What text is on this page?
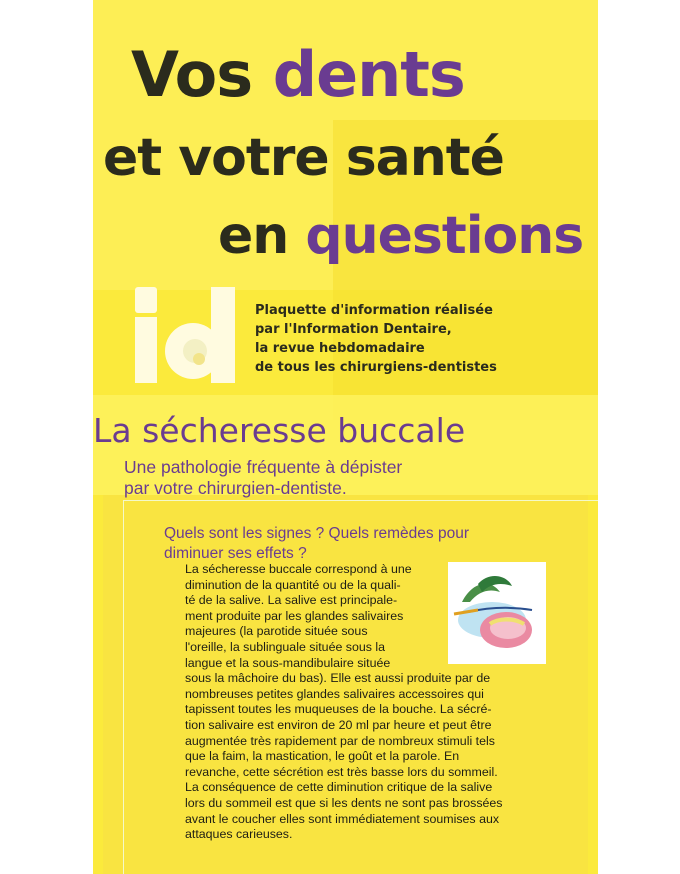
Vos dents
et votre santé
en questions
Plaquette d'information réalisée
par l'Information Dentaire,
la revue hebdomadaire
de tous les chirurgiens-dentistes
La sécheresse buccale
Une pathologie fréquente à dépister
par votre chirurgien-dentiste.
Quels sont les signes ? Quels remèdes pour
diminuer ses effets ?
La sécheresse buccale correspond à une
diminution de la quantité ou de la quali-
té de la salive. La salive est principale-
ment produite par les glandes salivaires
majeures (la parotide située sous
l'oreille, la sublinguale située sous la
langue et la sous-mandibulaire située
sous la mâchoire du bas). Elle est aussi produite par de
nombreuses petites glandes salivaires accessoires qui
tapissent toutes les muqueuses de la bouche. La sécré-
tion salivaire est environ de 20 ml par heure et peut être
augmentée très rapidement par de nombreux stimuli tels
que la faim, la mastication, le goût et la parole. En
revanche, cette sécrétion est très basse lors du sommeil.
La conséquence de cette diminution critique de la salive
lors du sommeil est que si les dents ne sont pas brossées
avant le coucher elles sont immédiatement soumises aux
attaques carieuses.
